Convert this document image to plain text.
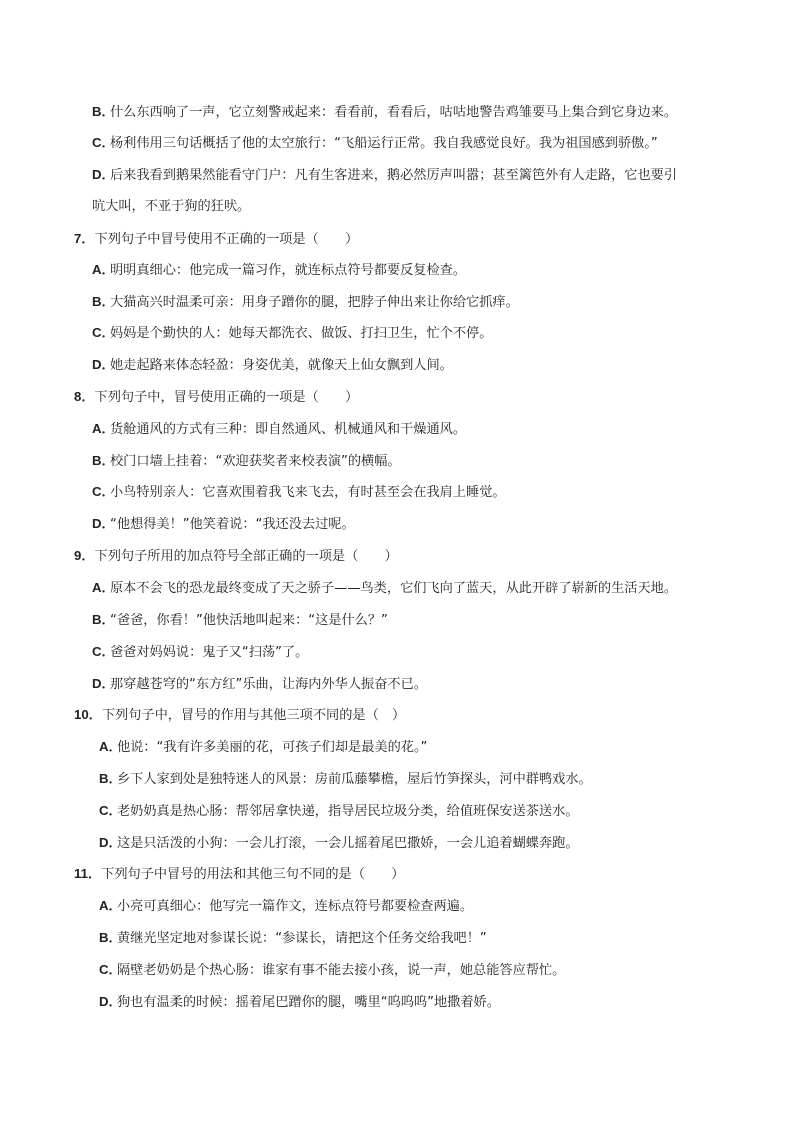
B．什么东西响了一声，它立刻警戒起来：看看前，看看后，咕咕地警告鸡雏要马上集合到它身边来。
C．杨利伟用三句话概括了他的太空旅行：“飞船运行正常。我自我感觉良好。我为祖国感到骄傲。”
D．后来我看到鹅果然能看守门户：凡有生客进来，鹅必然厉声叫嚣；甚至篱笆外有人走路，它也要引
吭大叫，不亚于狗的狂吠。
7．下列句子中冒号使用不正确的一项是（　　）
A．明明真细心：他完成一篇习作，就连标点符号都要反复检查。
B．大猫高兴时温柔可亲：用身子蹭你的腿，把脖子伸出来让你给它抓痒。
C．妈妈是个勤快的人：她每天都洗衣、做饭、打扫卫生，忙个不停。
D．她走起路来体态轻盈：身姿优美，就像天上仙女飘到人间。
8．下列句子中，冒号使用正确的一项是（　　）
A．货舱通风的方式有三种：即自然通风、机械通风和干燥通风。
B．校门口墙上挂着：“欢迎获奖者来校表演”的横幅。
C．小鸟特别亲人：它喜欢围着我飞来飞去，有时甚至会在我肩上睡觉。
D．“他想得美！”他笑着说：“我还没去过呢。
9．下列句子所用的加点符号全部正确的一项是（　　）
A．原本不会飞的恐龙最终变成了天之骄子——鸟类，它们飞向了蓝天，从此开辟了崭新的生活天地。
B．“爸爸，你看！”他快活地叫起来：“这是什么？”
C．爸爸对妈妈说：鬼子又“扫荡”了。
D．那穿越苍穹的“东方红”乐曲，让海内外华人振奋不已。
10．下列句子中，冒号的作用与其他三项不同的是（　）
A．他说：“我有许多美丽的花，可孩子们却是最美的花。”
B．乡下人家到处是独特迷人的风景：房前瓜藤攀檐，屋后竹笋探头，河中群鸭戏水。
C．老奶奶真是热心肠：帮邻居拿快递，指导居民垃圾分类，给值班保安送茶送水。
D．这是只活泼的小狗：一会儿打滚，一会儿摇着尾巴撒娇，一会儿追着蝴蝶奔跑。
11．下列句子中冒号的用法和其他三句不同的是（　　）
A．小亮可真细心：他写完一篇作文，连标点符号都要检查两遍。
B．黄继光坚定地对参谋长说：“参谋长，请把这个任务交给我吧！”
C．隔壁老奶奶是个热心肠：谁家有事不能去接小孩，说一声，她总能答应帮忙。
D．狗也有温柔的时候：摇着尾巴蹭你的腿，嘴里“呜呜呜”地撒着娇。
